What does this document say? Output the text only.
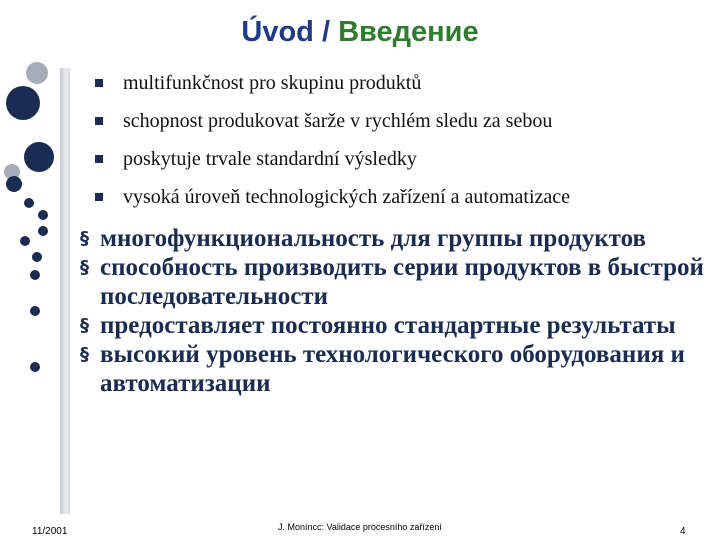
Úvod / Введение
multifunkčnost pro skupinu produktů
schopnost produkovat šarže v rychlém sledu za sebou
poskytuje trvale standardní výsledky
vysoká úroveň technologických zařízení a automatizace
§ многофункциональность для группы продуктов
§ способность производить серии продуктов в быстрой последовательности
§ предоставляет постоянно стандартные результаты
§ высокий уровень технологического оборудования и автоматизации
11/2001	J. Moníncc: Validace procesního zařízení	4
